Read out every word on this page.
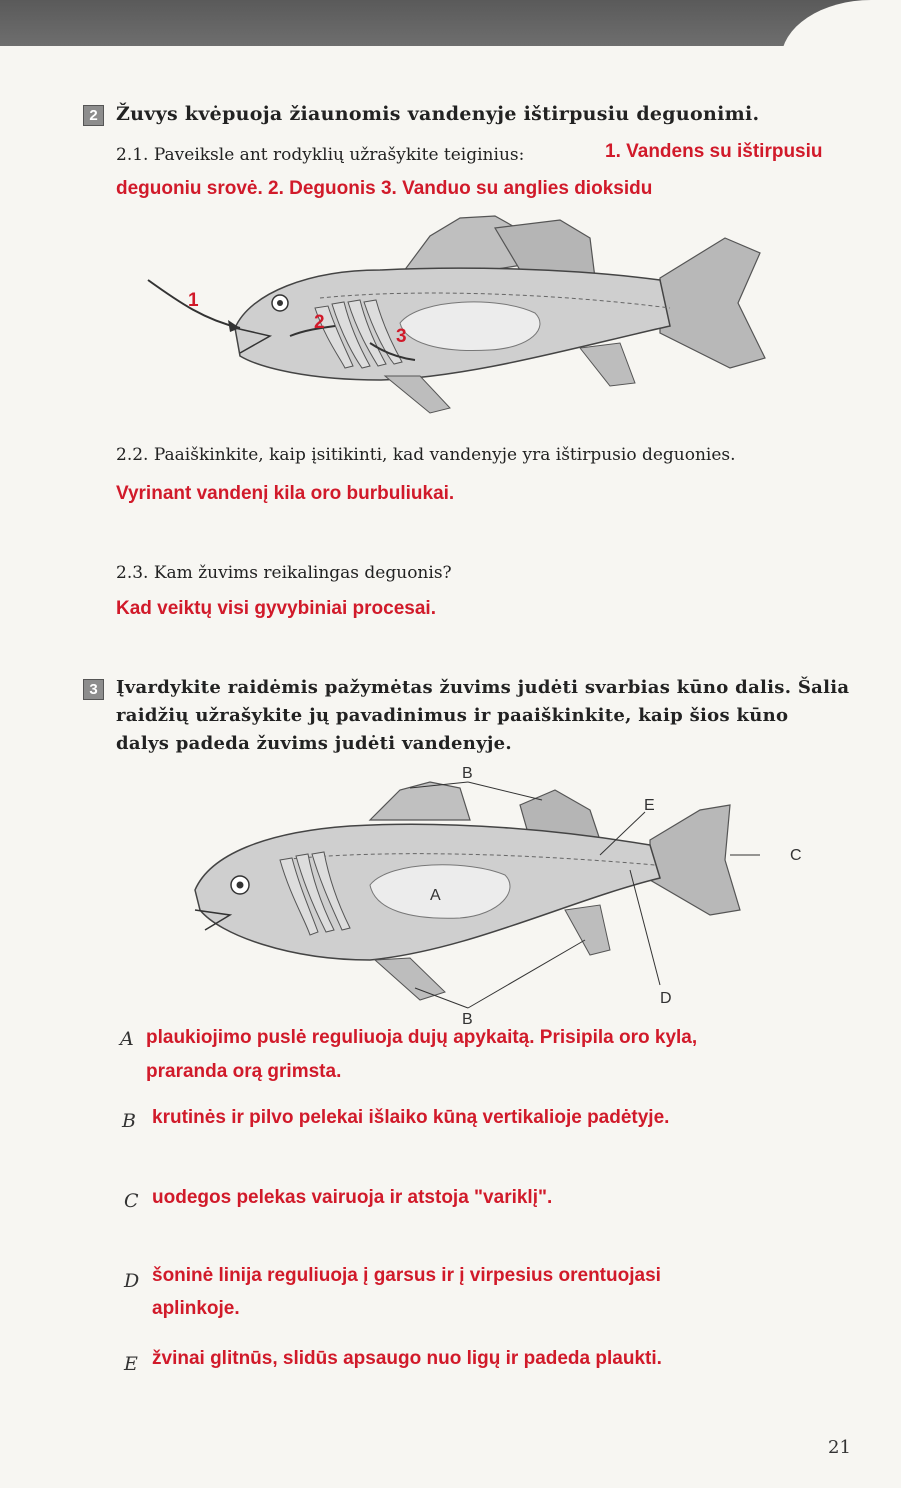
2 Žuvys kvėpuoja žiaunomis vandenyje ištirpusiu deguonimi.
2.1. Paveiksle ant rodyklių užrašykite teiginius:	1. Vandens su ištirpusiu
deguoniu srovė. 2. Deguonis 3. Vanduo su anglies dioksidu
1
2
3
2.2. Paaiškinkite, kaip įsitikinti, kad vandenyje yra ištirpusio deguonies.
Vyrinant vandenį kila oro burbuliukai.
2.3. Kam žuvims reikalingas deguonis?
Kad veiktų visi gyvybiniai procesai.
3	Įvardykite raidėmis pažymėtas žuvims judėti svarbias kūno dalis. Šalia
raidžių užrašykite jų pavadinimus ir paaiškinkite, kaip šios kūno
dalys padeda žuvims judėti vandenyje.
B
B
E
C
D
A
A plaukiojimo puslė reguliuoja dujų apykaitą. Prisipila oro kyla,
praranda orą grimsta.
B krutinės ir pilvo pelekai išlaiko kūną vertikalioje padėtyje.
C uodegos pelekas vairuoja ir atstoja "variklį".
D šoninė linija reguliuoja į garsus ir į virpesius orentuojasi
aplinkoje.
E žvinai glitnūs, slidūs apsaugo nuo ligų ir padeda plaukti.
21
